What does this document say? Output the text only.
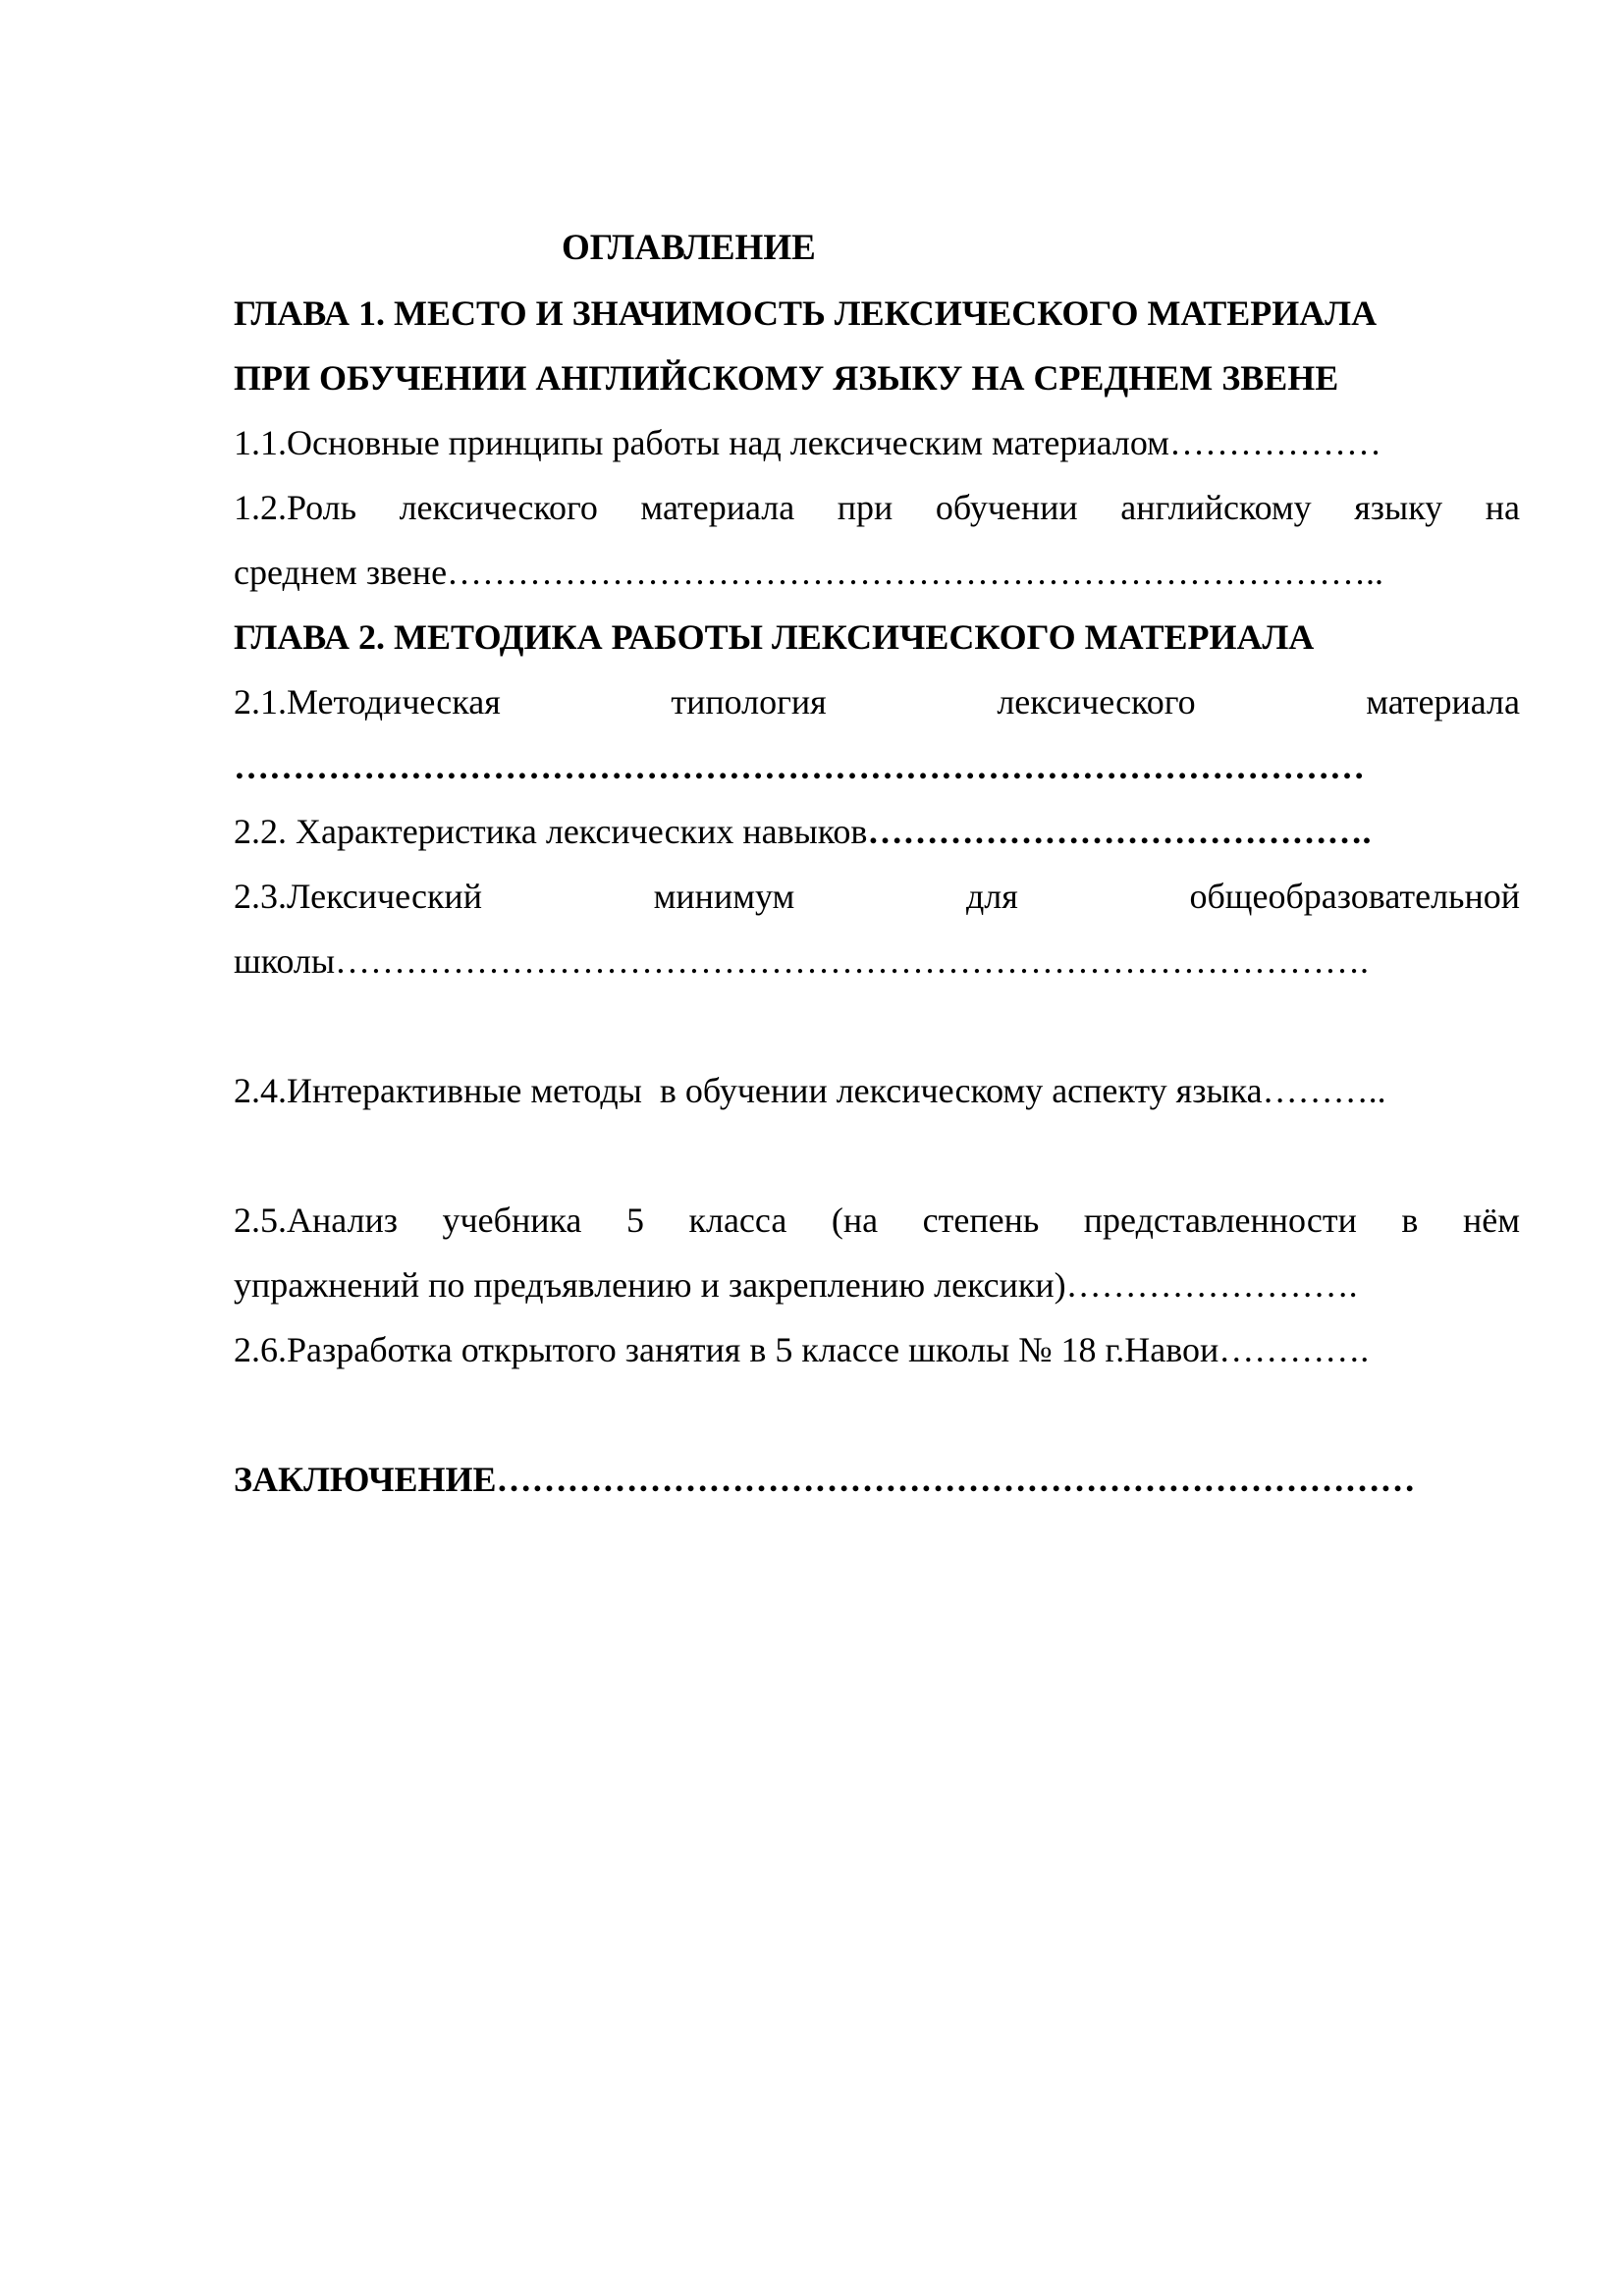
ОГЛАВЛЕНИЕ
ГЛАВА 1. МЕСТО И ЗНАЧИМОСТЬ ЛЕКСИЧЕСКОГО МАТЕРИАЛА
ПРИ ОБУЧЕНИИ АНГЛИЙСКОМУ ЯЗЫКУ НА СРЕДНЕМ ЗВЕНЕ
1.1.Основные принципы работы над лексическим материалом………………
1.2.Роль лексического материала при обучении английскому языку на
среднем звене……………………………………………………………………..
ГЛАВА 2. МЕТОДИКА РАБОТЫ ЛЕКСИЧЕСКОГО МАТЕРИАЛА
2.1.Методическая типология лексического материала
……………………………………………………………………………………
2.2. Характеристика лексических навыков…………………………………….
2.3.Лексический минимум для общеобразовательной
школы…………………………………………………………………………….
2.4.Интерактивные методы  в обучении лексическому аспекту языка………..
2.5.Анализ учебника 5 класса (на степень представленности в нём
упражнений по предъявлению и закреплению лексики)…………………….
2.6.Разработка открытого занятия в 5 классе школы № 18 г.Навои………….
ЗАКЛЮЧЕНИЕ……………………………………………………………………
